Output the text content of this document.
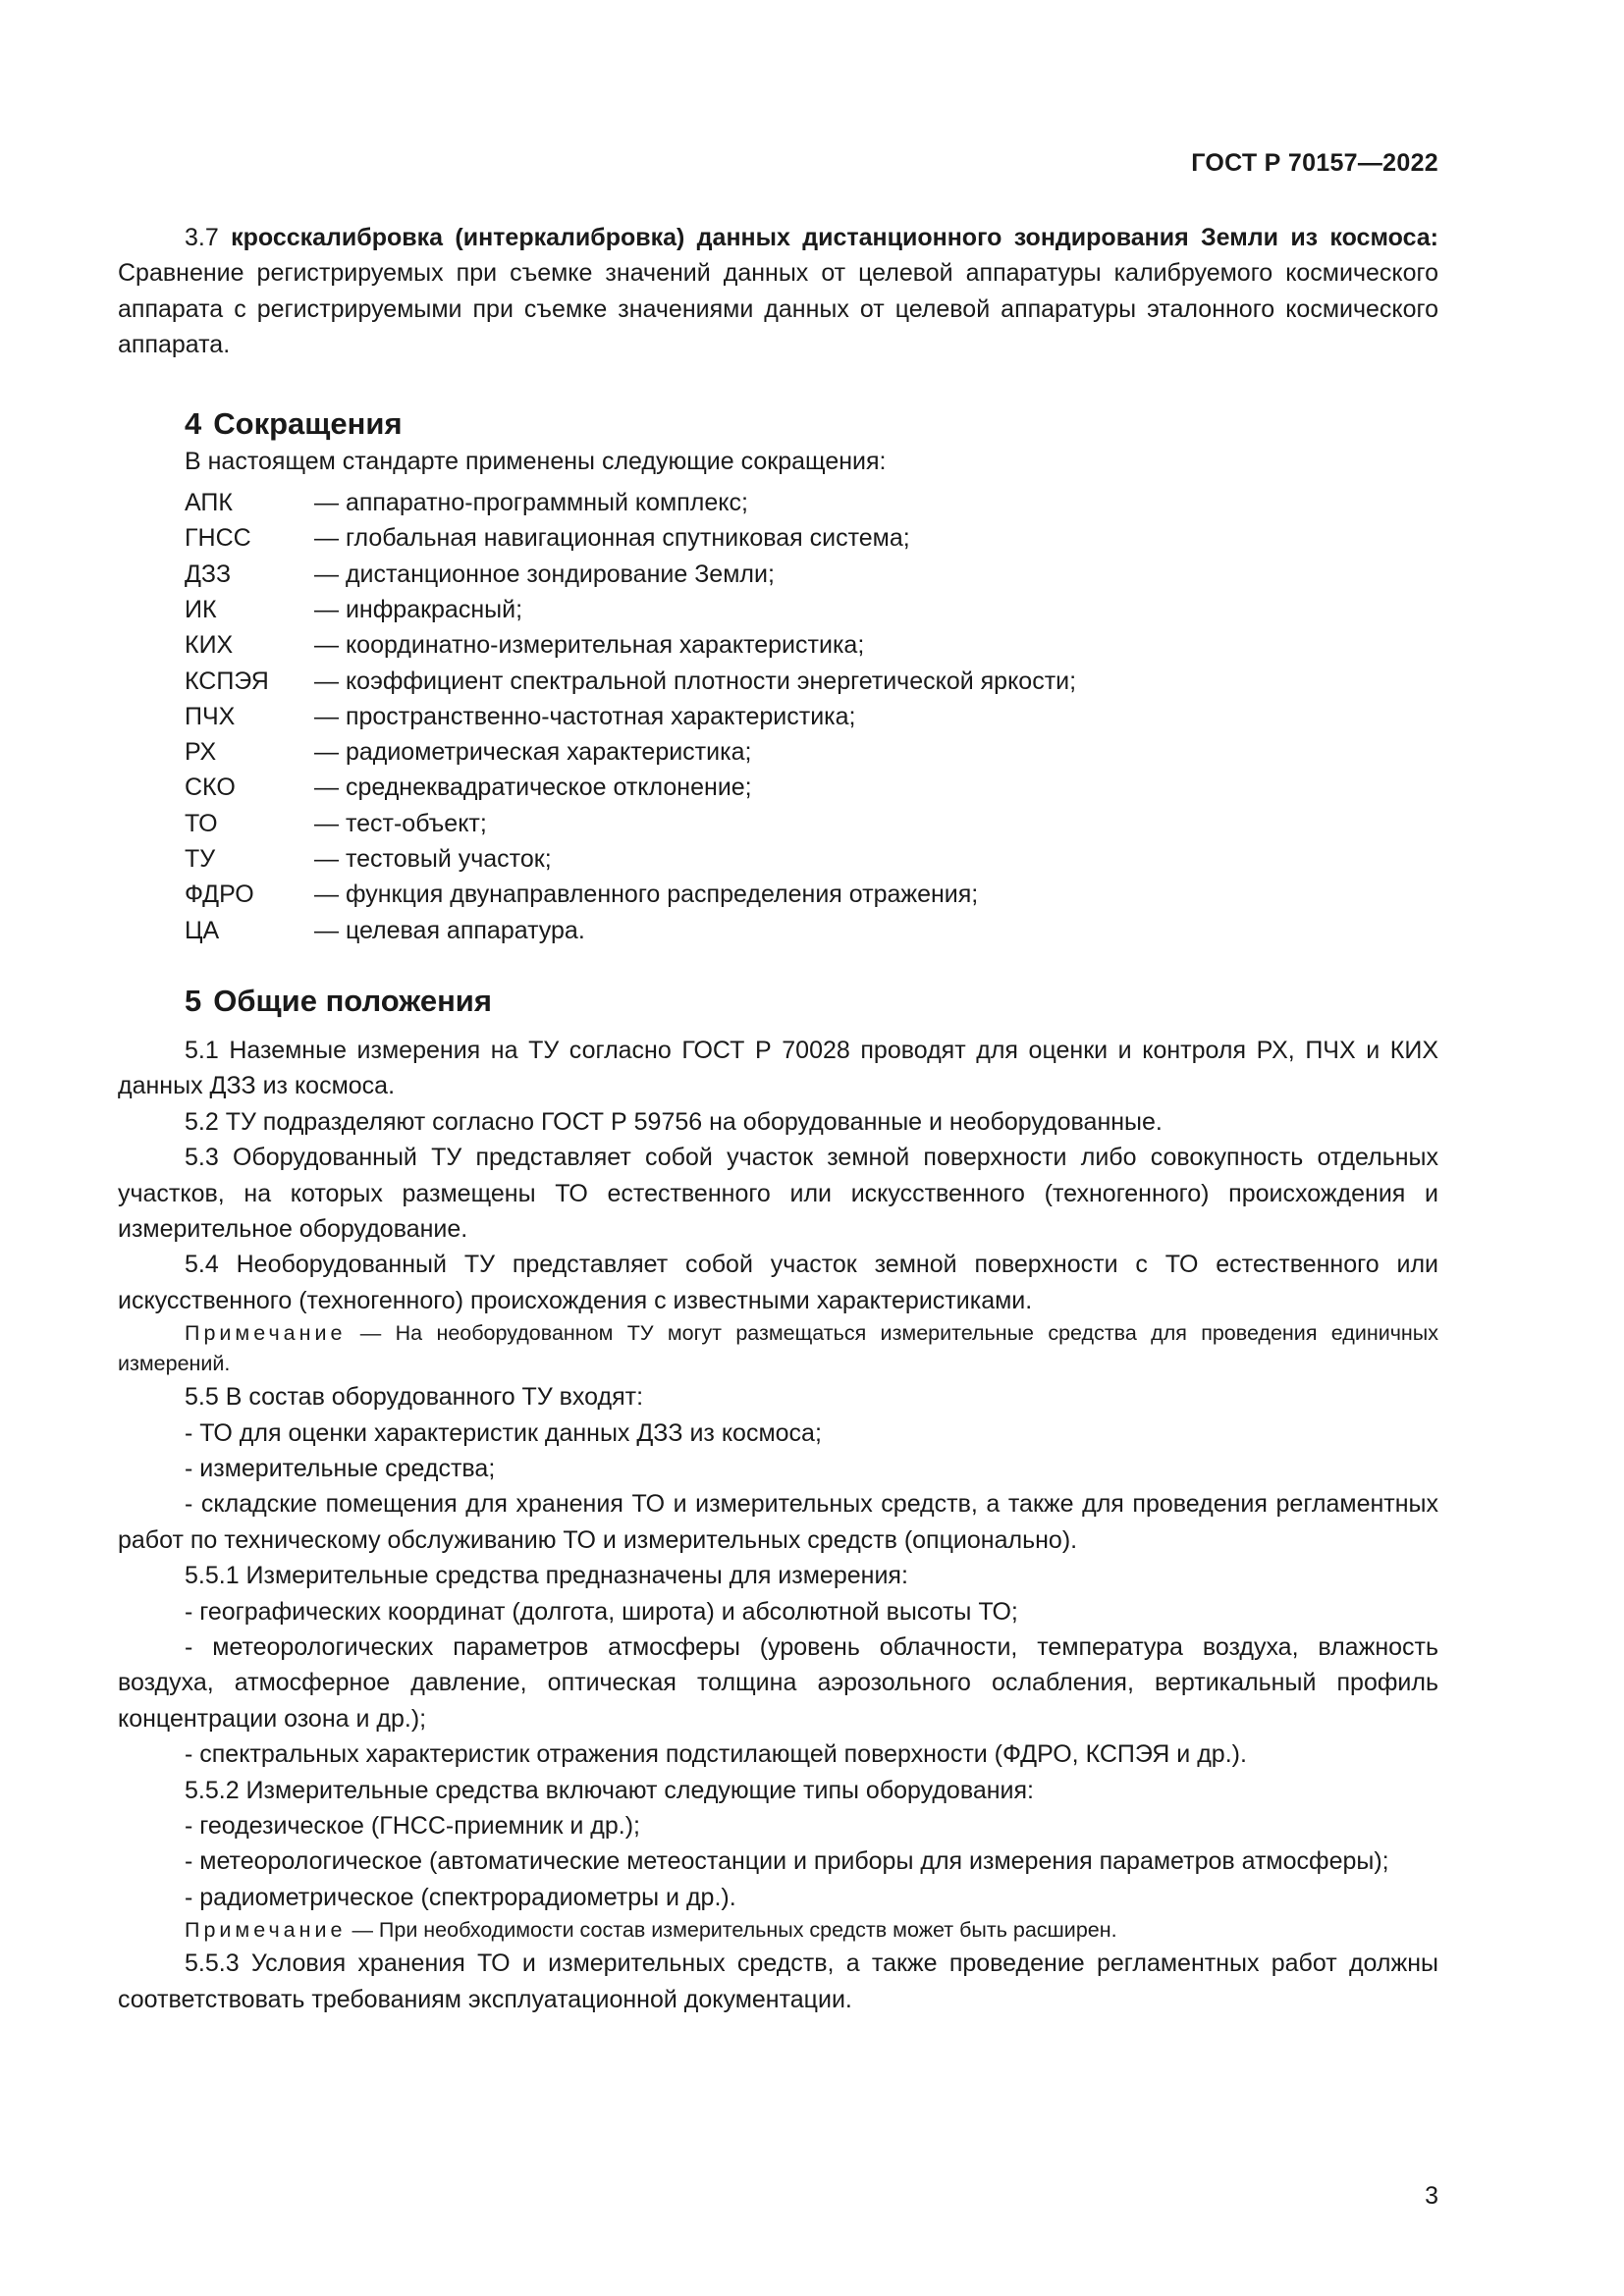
ГОСТ Р 70157—2022

3.7 кросскалибровка (интеркалибровка) данных дистанционного зондирования Земли из космоса: Сравнение регистрируемых при съемке значений данных от целевой аппаратуры калибруемого космического аппарата с регистрируемыми при съемке значениями данных от целевой аппаратуры эталонного космического аппарата.

4 Сокращения

В настоящем стандарте применены следующие сокращения:

АПК	— аппаратно-программный комплекс;
ГНСС	— глобальная навигационная спутниковая система;
ДЗЗ	— дистанционное зондирование Земли;
ИК	— инфракрасный;
КИХ	— координатно-измерительная характеристика;
КСПЭЯ	— коэффициент спектральной плотности энергетической яркости;
ПЧХ	— пространственно-частотная характеристика;
РХ	— радиометрическая характеристика;
СКО	— среднеквадратическое отклонение;
ТО	— тест-объект;
ТУ	— тестовый участок;
ФДРО	— функция двунаправленного распределения отражения;
ЦА	— целевая аппаратура.
5 Общие положения

5.1 Наземные измерения на ТУ согласно ГОСТ Р 70028 проводят для оценки и контроля РХ, ПЧХ и КИХ данных ДЗЗ из космоса.

5.2 ТУ подразделяют согласно ГОСТ Р 59756 на оборудованные и необорудованные.

5.3 Оборудованный ТУ представляет собой участок земной поверхности либо совокупность отдельных участков, на которых размещены ТО естественного или искусственного (техногенного) происхождения и измерительное оборудование.

5.4 Необорудованный ТУ представляет собой участок земной поверхности с ТО естественного или искусственного (техногенного) происхождения с известными характеристиками.

Примечание — На необорудованном ТУ могут размещаться измерительные средства для проведения единичных измерений.

5.5 В состав оборудованного ТУ входят:

- ТО для оценки характеристик данных ДЗЗ из космоса;

- измерительные средства;

- складские помещения для хранения ТО и измерительных средств, а также для проведения регламентных работ по техническому обслуживанию ТО и измерительных средств (опционально).

5.5.1 Измерительные средства предназначены для измерения:

- географических координат (долгота, широта) и абсолютной высоты ТО;

- метеорологических параметров атмосферы (уровень облачности, температура воздуха, влажность воздуха, атмосферное давление, оптическая толщина аэрозольного ослабления, вертикальный профиль концентрации озона и др.);

- спектральных характеристик отражения подстилающей поверхности (ФДРО, КСПЭЯ и др.).

5.5.2 Измерительные средства включают следующие типы оборудования:

- геодезическое (ГНСС-приемник и др.);

- метеорологическое (автоматические метеостанции и приборы для измерения параметров атмосферы);

- радиометрическое (спектрорадиометры и др.).

Примечание — При необходимости состав измерительных средств может быть расширен.

5.5.3 Условия хранения ТО и измерительных средств, а также проведение регламентных работ должны соответствовать требованиям эксплуатационной документации.

3
